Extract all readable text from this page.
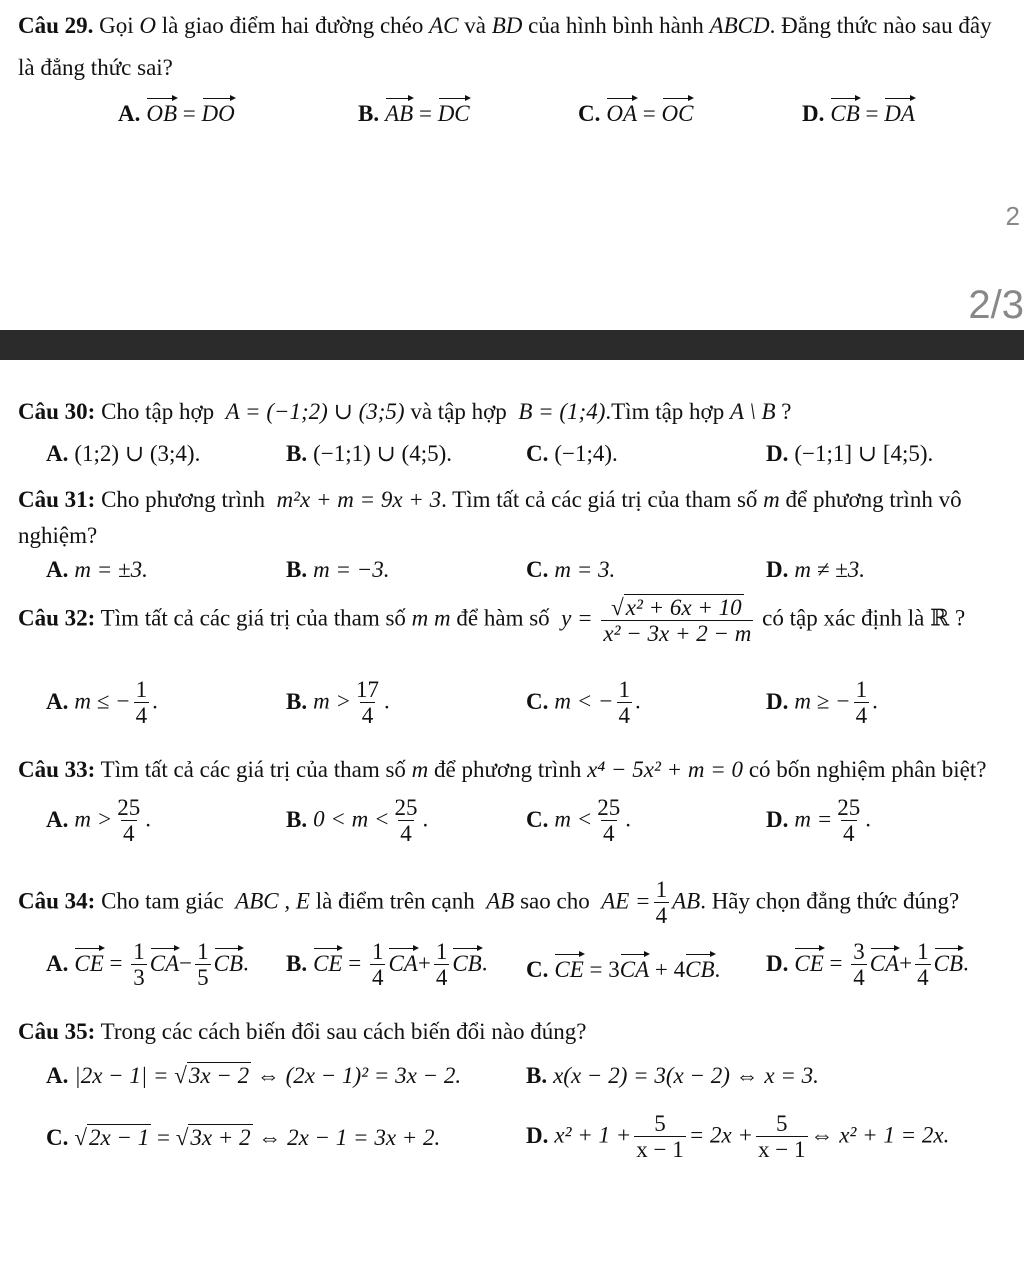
Câu 29. Gọi O là giao điểm hai đường chéo AC và BD của hình bình hành ABCD. Đẳng thức nào sau đây
là đẳng thức sai?
A. OB = DO	B. AB = DC	C. OA = OC	D. CB = DA
2
2/3
Câu 30: Cho tập hợp A = (−1;2) ∪ (3;5) và tập hợp B = (1;4).Tìm tập hợp A \ B ?
A. (1;2) ∪ (3;4).	B. (−1;1) ∪ (4;5).	C. (−1;4).	D. (−1;1] ∪ [4;5).
Câu 31: Cho phương trình m²x + m = 9x + 3. Tìm tất cả các giá trị của tham số m để phương trình vô
nghiệm?
A. m = ±3.	B. m = −3.	C. m = 3.	D. m ≠ ±3.
Câu 32: Tìm tất cả các giá trị của tham số m m để hàm số $y = \frac{\text{√x² + 6x + 10}}{\text{x² − 3x + 2 − m}}$ có tập xác định là ℝ ?
A. m ≤ − $\frac{1}{4}$ .	B. $m > \frac{17}{4}$ .	C. m < − $\frac{1}{4}$ .	D. m ≥ − $\frac{1}{4}$ .
Câu 33: Tìm tất cả các giá trị của tham số m để phương trình x⁴ − 5x² + m = 0 có bốn nghiệm phân biệt?
A. $m > \frac{25}{4}$ .	B. $0 < m < \frac{25}{4}$ .	C. $m < \frac{25}{4}$ .	D. $m = \frac{25}{4}$ .
Câu 34: Cho tam giác ABC , E là điểm trên cạnh AB sao cho AE = $\frac{1}{4}$ AB. Hãy chọn đẳng thức đúng?
A. CE = $\frac{1}{3} CA- \frac{1}{5}$ CB. B. CE = $\frac{1}{4} CA+ \frac{1}{4}$ CB. C. CE = 3CA + 4CB. D. CE = $\frac{3}{4} CA+ \frac{1}{4}$ CB.
Câu 35: Trong các cách biến đổi sau cách biến đổi nào đúng?
A. |2x − 1| = √3x − 2 ⇔ (2x − 1)² = 3x − 2.	B. x(x − 2) = 3(x − 2) ⇔ x = 3.
C. √2x − 1 = √3x + 2 ⇔ 2x − 1 = 3x + 2.	D. $x^2 + 1 + \frac{5}{x - 1} = 2x + \frac{5}{x - 1}$ ⇔ x² + 1 = 2x.
